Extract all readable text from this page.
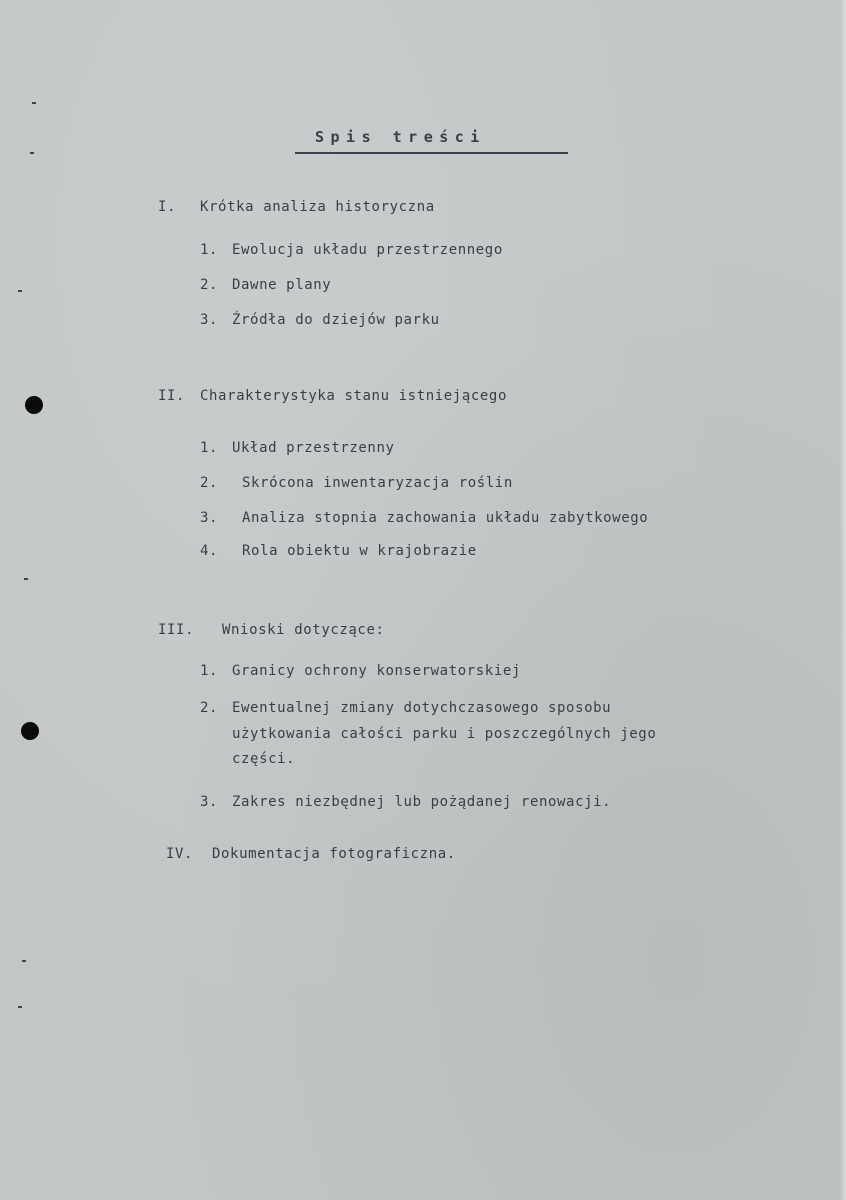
Spis treści
I. Krótka analiza historyczna
1. Ewolucja układu przestrzennego
2. Dawne plany
3. Źródła do dziejów parku
II. Charakterystyka stanu istniejącego
1. Układ przestrzenny
2. Skrócona inwentaryzacja roślin
3. Analiza stopnia zachowania układu zabytkowego
4. Rola obiektu w krajobrazie
III. Wnioski dotyczące:
1. Granicy ochrony konserwatorskiej
2. Ewentualnej zmiany dotychczasowego sposobu
użytkowania całości parku i poszczególnych jego
części.
3. Zakres niezbędnej lub pożądanej renowacji.
IV. Dokumentacja fotograficzna.
